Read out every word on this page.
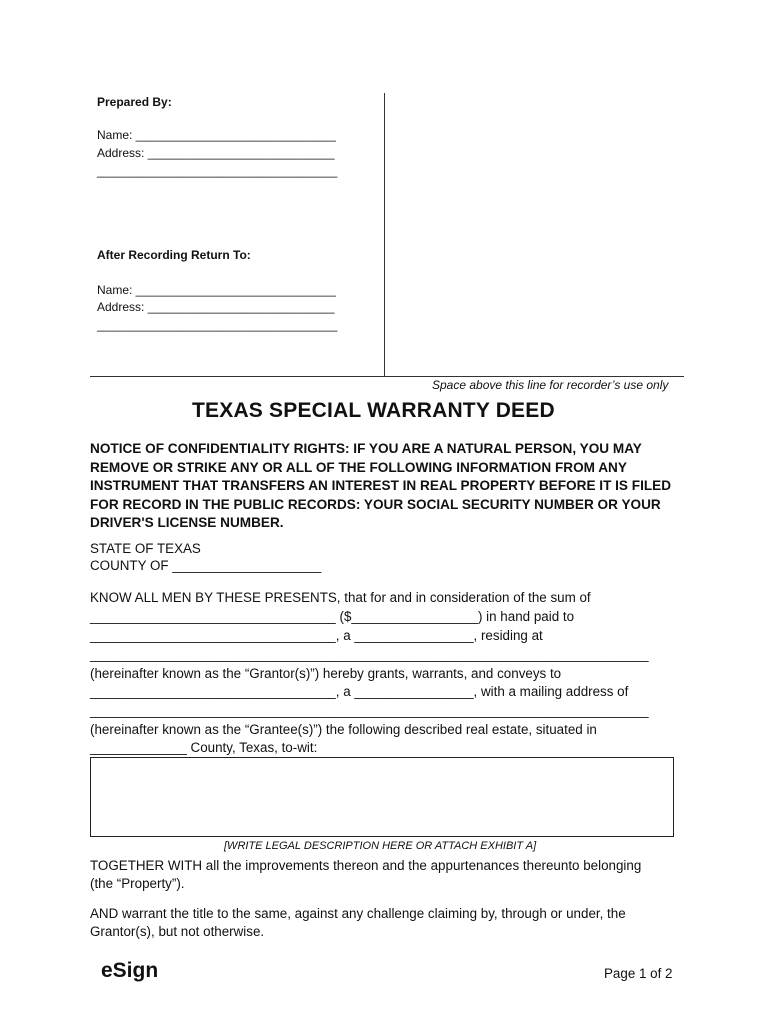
Prepared By:
Name: ______________________________
Address: ____________________________
____________________________________
After Recording Return To:
Name: ______________________________
Address: ____________________________
____________________________________
Space above this line for recorder’s use only
TEXAS SPECIAL WARRANTY DEED
NOTICE OF CONFIDENTIALITY RIGHTS: IF YOU ARE A NATURAL PERSON, YOU MAY REMOVE OR STRIKE ANY OR ALL OF THE FOLLOWING INFORMATION FROM ANY INSTRUMENT THAT TRANSFERS AN INTEREST IN REAL PROPERTY BEFORE IT IS FILED FOR RECORD IN THE PUBLIC RECORDS: YOUR SOCIAL SECURITY NUMBER OR YOUR DRIVER'S LICENSE NUMBER.
STATE OF TEXAS
COUNTY OF ____________________
KNOW ALL MEN BY THESE PRESENTS, that for and in consideration of the sum of
_________________________________ ($_________________) in hand paid to
_________________________________, a ________________, residing at
___________________________________________________________________________
(hereinafter known as the “Grantor(s)”) hereby grants, warrants, and conveys to
_________________________________, a ________________, with a mailing address of
___________________________________________________________________________
(hereinafter known as the “Grantee(s)”) the following described real estate, situated in
_____________ County, Texas, to-wit:
[WRITE LEGAL DESCRIPTION HERE OR ATTACH EXHIBIT A]
TOGETHER WITH all the improvements thereon and the appurtenances thereunto belonging
(the “Property”).
AND warrant the title to the same, against any challenge claiming by, through or under, the
Grantor(s), but not otherwise.
eSign	Page 1 of 2
